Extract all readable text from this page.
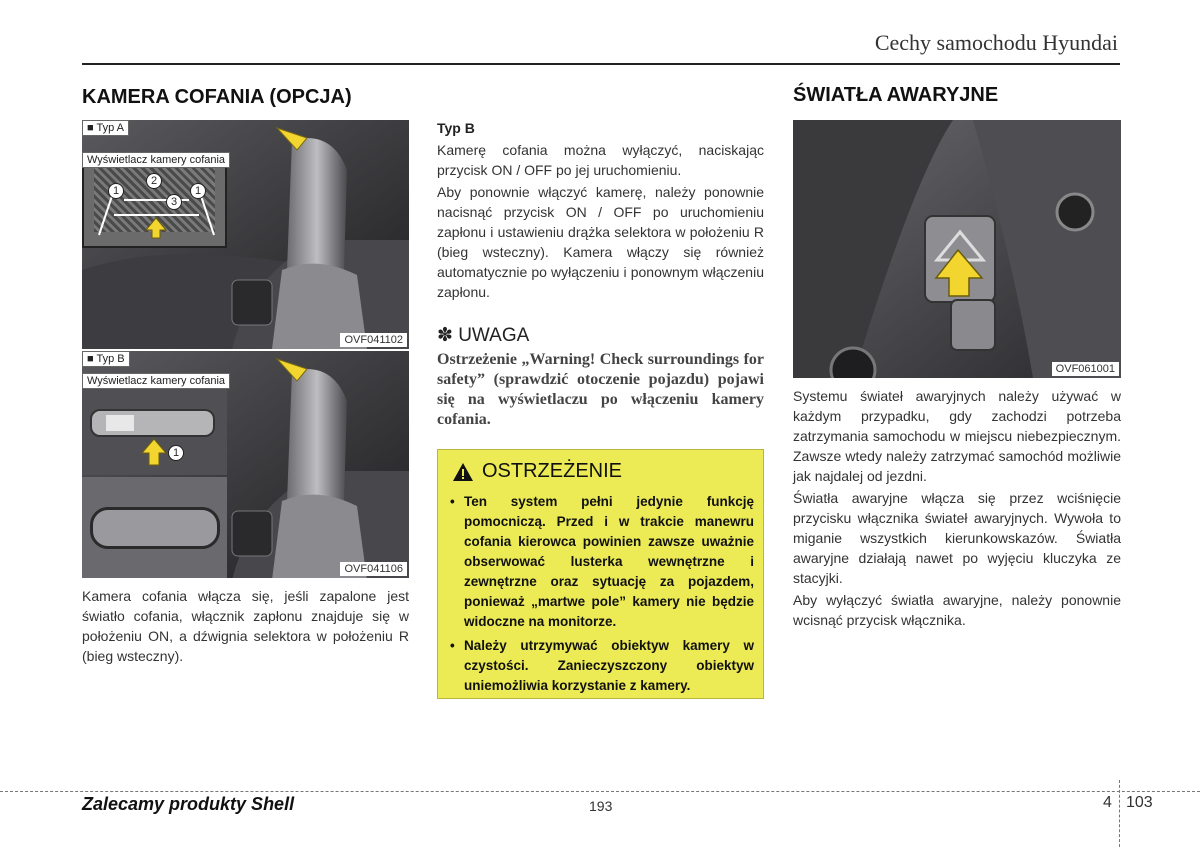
Cechy samochodu Hyundai
KAMERA COFANIA (OPCJA)
1
2
3
1
■ Typ A
Wyświetlacz kamery cofania
OVF041102
1
■ Typ B
Wyświetlacz kamery cofania
OVF041106
Kamera cofania włącza się, jeśli zapalone jest światło cofania, włącznik zapłonu znajduje się w położeniu ON, a dźwignia selektora w położeniu R (bieg wsteczny).
Typ B

Kamerę cofania można wyłączyć, naciskając przycisk ON / OFF po jej uruchomieniu.

Aby ponownie włączyć kamerę, należy ponownie nacisnąć przycisk ON / OFF po uruchomieniu zapłonu i ustawieniu drążka selektora w położeniu R (bieg wsteczny). Kamera włączy się również automatycznie po wyłączeniu i ponownym włączeniu zapłonu.

✽ UWAGA
Ostrzeżenie „Warning! Check surroundings for safety” (sprawdzić otoczenie pojazdu) pojawi się na wyświetlaczu po włączeniu kamery cofania.
OSTRZEŻENIE
• Ten system pełni jedynie funkcję pomocniczą. Przed i w trakcie manewru cofania kierowca powinien zawsze uważnie obserwować lusterka wewnętrzne i zewnętrzne oraz sytuację za pojazdem, ponieważ „martwe pole” kamery nie będzie widoczne na monitorze.
• Należy utrzymywać obiektyw kamery w czystości. Zanieczyszczony obiektyw uniemożliwia korzystanie z kamery.
ŚWIATŁA AWARYJNE
OVF061001

Systemu świateł awaryjnych należy używać w każdym przypadku, gdy zachodzi potrzeba zatrzymania samochodu w miejscu niebezpiecznym. Zawsze wtedy należy zatrzymać samochód możliwie jak najdalej od jezdni.

Światła awaryjne włącza się przez wciśnięcie przycisku włącznika świateł awaryjnych. Wywoła to miganie wszystkich kierunkowskazów. Światła awaryjne działają nawet po wyjęciu kluczyka ze stacyjki.

Aby wyłączyć światła awaryjne, należy ponownie wcisnąć przycisk włącznika.

Zalecamy produkty Shell	193	4 103
